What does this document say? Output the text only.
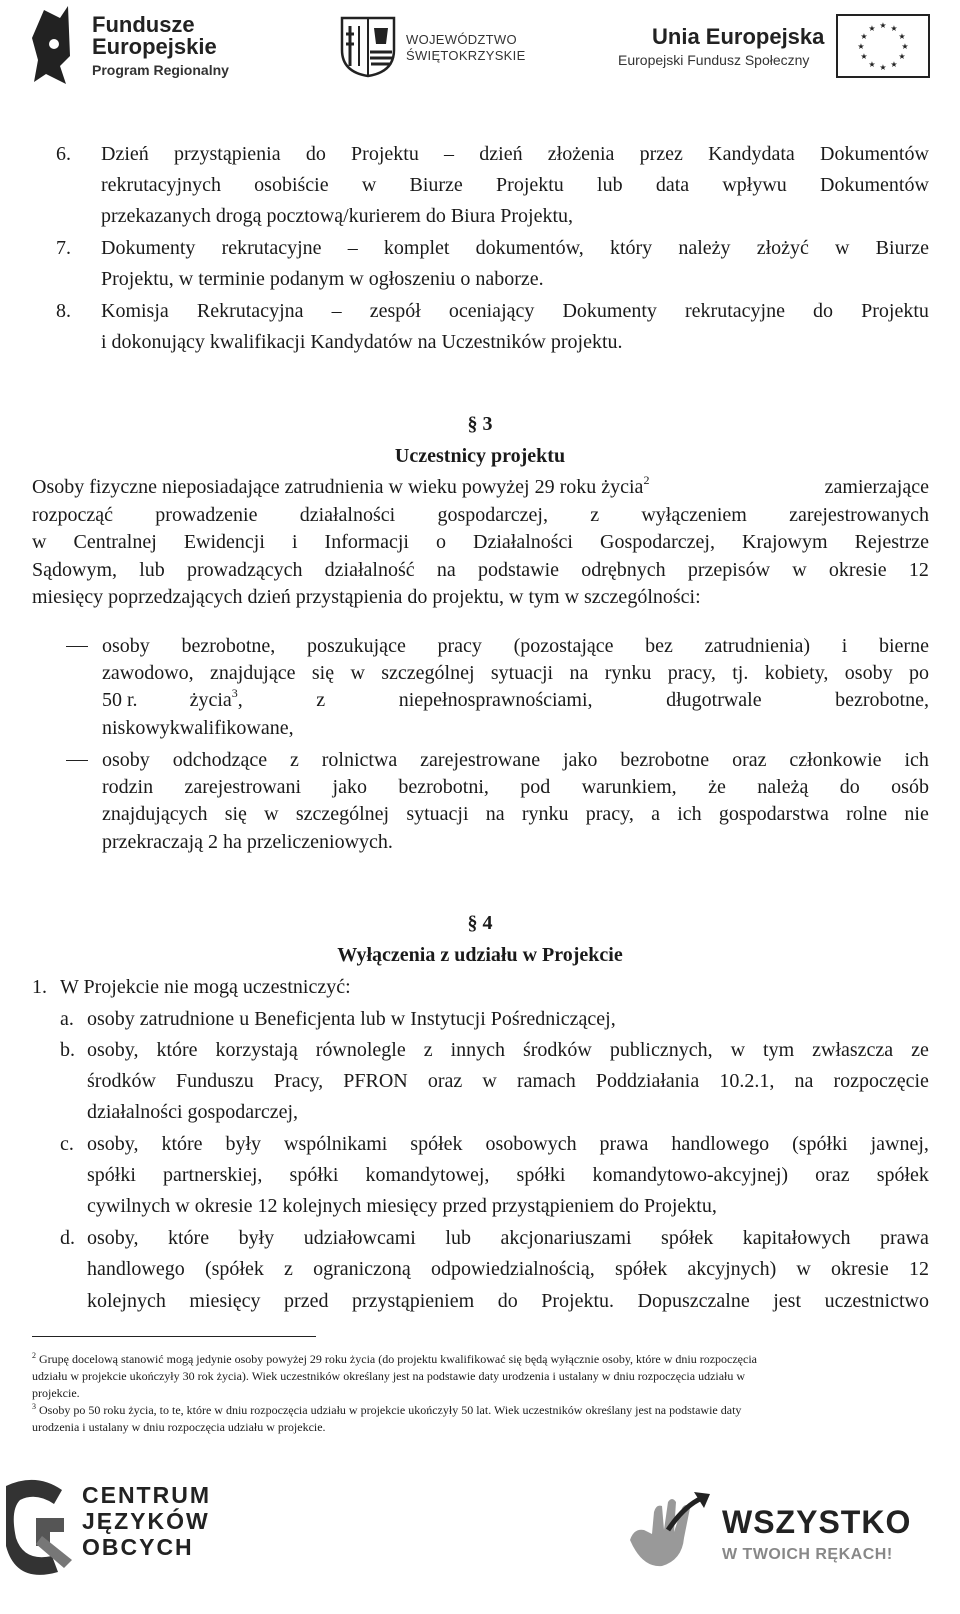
Fundusze
Europejskie
Program Regionalny
WOJEWÓDZTWO
ŚWIĘTOKRZYSKIE
Unia Europejska
Europejski Fundusz Społeczny
★ ★
★
★
★
★
★
★
★
★
★
★
6. Dzień przystąpienia do Projektu – dzień złożenia przez Kandydata Dokumentów
rekrutacyjnych osobiście w Biurze Projektu lub data wpływu Dokumentów
przekazanych drogą pocztową/kurierem do Biura Projektu,
7. Dokumenty rekrutacyjne – komplet dokumentów, który należy złożyć w Biurze
Projektu, w terminie podanym w ogłoszeniu o naborze.
8. Komisja Rekrutacyjna – zespół oceniający Dokumenty rekrutacyjne do Projektu
i dokonujący kwalifikacji Kandydatów na Uczestników projektu.
§ 3
Uczestnicy projektu
Osoby fizyczne nieposiadające zatrudnienia w wieku powyżej 29 roku życia$^2$	zamierzające
rozpocząć prowadzenie działalności gospodarczej, z wyłączeniem zarejestrowanych
w Centralnej Ewidencji i Informacji o Działalności Gospodarczej, Krajowym Rejestrze
Sądowym, lub prowadzących działalność na podstawie odrębnych przepisów w okresie 12
miesięcy poprzedzających dzień przystąpienia do projektu, w tym w szczególności:
osoby bezrobotne, poszukujące pracy (pozostające bez zatrudnienia) i bierne
zawodowo, znajdujące się w szczególnej sytuacji na rynku pracy, tj. kobiety, osoby po
50 r.	życia$^3$ ,	z	niepełnosprawnościami,	długotrwale	bezrobotne,
niskowykwalifikowane,
osoby odchodzące z rolnictwa zarejestrowane jako bezrobotne oraz członkowie ich
rodzin zarejestrowani jako bezrobotni, pod warunkiem, że należą do osób
znajdujących się w szczególnej sytuacji na rynku pracy, a ich gospodarstwa rolne nie
przekraczają 2 ha przeliczeniowych.
§ 4
Wyłączenia z udziału w Projekcie
1. W Projekcie nie mogą uczestniczyć:
a. osoby zatrudnione u Beneficjenta lub w Instytucji Pośredniczącej,
b. osoby, które korzystają równolegle z innych środków publicznych, w tym zwłaszcza ze
środków Funduszu Pracy, PFRON oraz w ramach Poddziałania 10.2.1, na rozpoczęcie
działalności gospodarczej,
c. osoby, które były wspólnikami spółek osobowych prawa handlowego (spółki jawnej,
spółki partnerskiej, spółki komandytowej, spółki komandytowo-akcyjnej) oraz spółek
cywilnych w okresie 12 kolejnych miesięcy przed przystąpieniem do Projektu,
d. osoby, które były udziałowcami lub akcjonariuszami spółek kapitałowych prawa
handlowego (spółek z ograniczoną odpowiedzialnością, spółek akcyjnych) w okresie 12
kolejnych miesięcy przed przystąpieniem do Projektu. Dopuszczalne jest uczestnictwo
$^2$ Grupę docelową stanowić mogą jedynie osoby powyżej 29 roku życia (do projektu kwalifikować się będą wyłącznie osoby, które w dniu rozpoczęcia
udziału w projekcie ukończyły 30 rok życia). Wiek uczestników określany jest na podstawie daty urodzenia i ustalany w dniu rozpoczęcia udziału w
projekcie.
$^3$ Osoby po 50 roku życia, to te, które w dniu rozpoczęcia udziału w projekcie ukończyły 50 lat. Wiek uczestników określany jest na podstawie daty
urodzenia i ustalany w dniu rozpoczęcia udziału w projekcie.
CENTRUM
JĘZYKÓW
OBCYCH
WSZYSTKO
W TWOICH RĘKACH!
